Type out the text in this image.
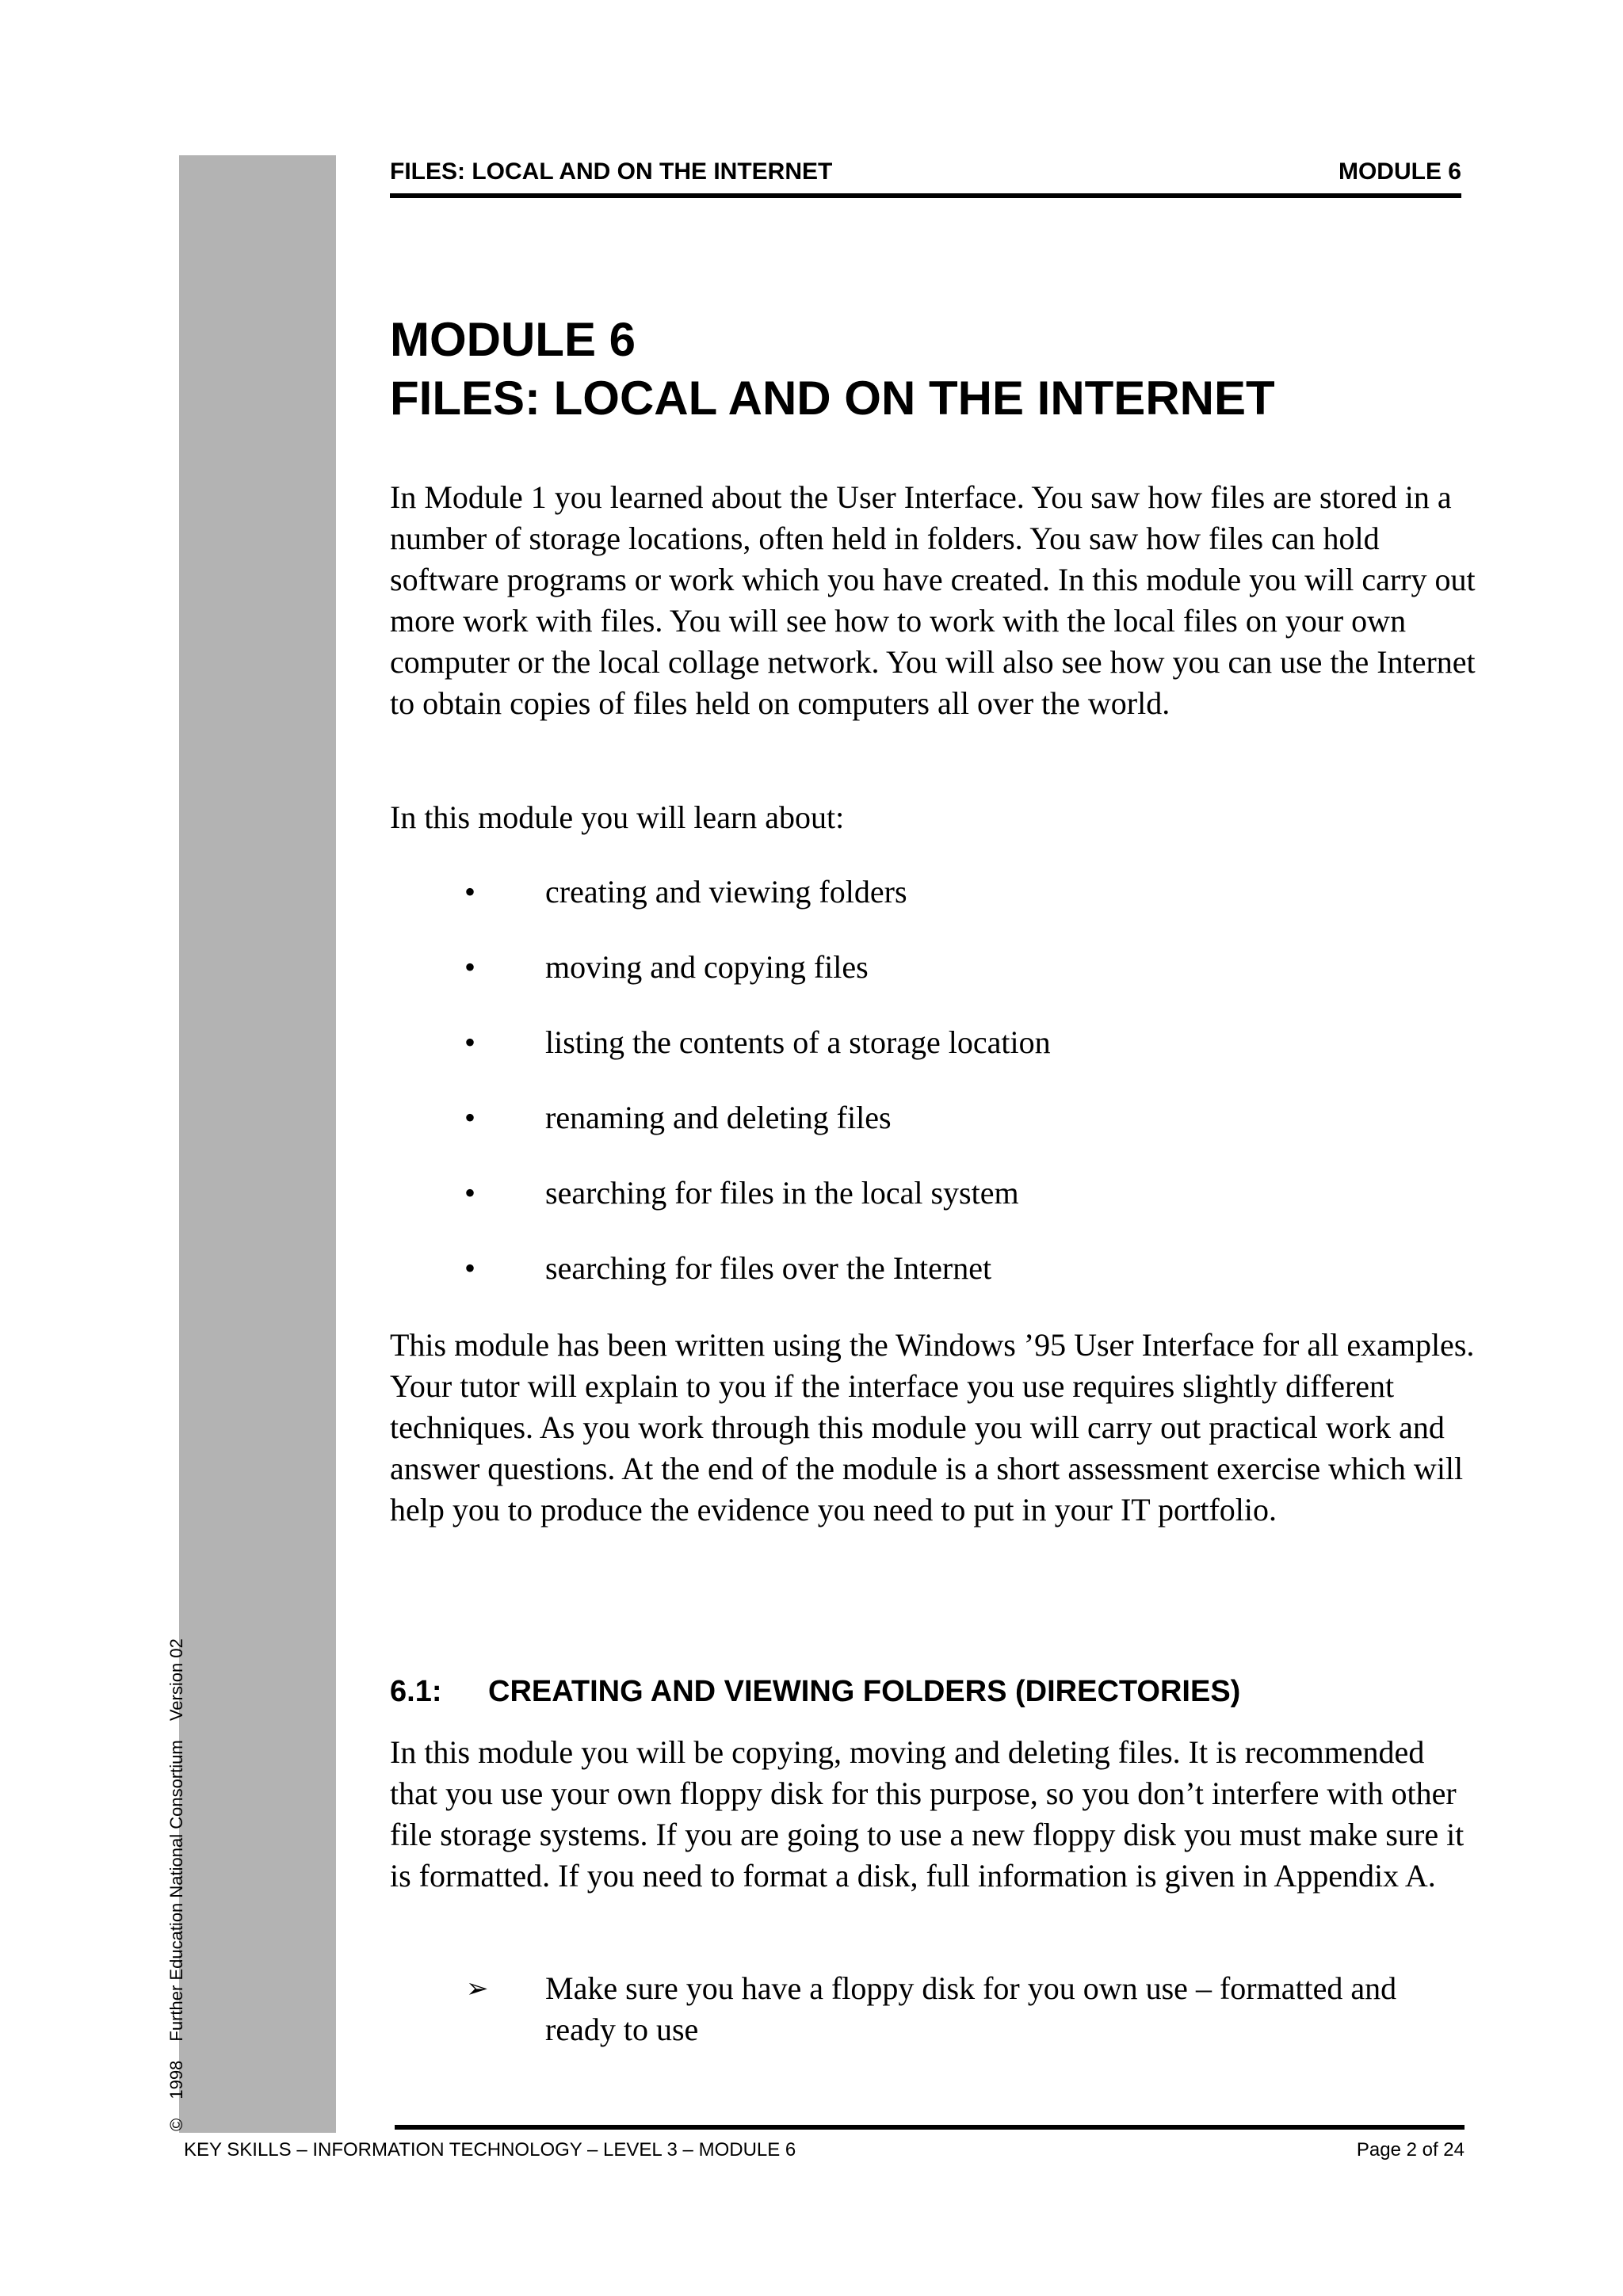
© 1998 Further Education National Consortium Version 02
FILES: LOCAL AND ON THE INTERNET	MODULE 6
MODULE 6
FILES: LOCAL AND ON THE INTERNET
In Module 1 you learned about the User Interface. You saw how files are stored in a number of storage locations, often held in folders. You saw how files can hold software programs or work which you have created. In this module you will carry out more work with files. You will see how to work with the local files on your own computer or the local collage network. You will also see how you can use the Internet to obtain copies of files held on computers all over the world.
In this module you will learn about:
• creating and viewing folders
• moving and copying files
• listing the contents of a storage location
• renaming and deleting files
• searching for files in the local system
• searching for files over the Internet
This module has been written using the Windows ’95 User Interface for all examples. Your tutor will explain to you if the interface you use requires slightly different techniques. As you work through this module you will carry out practical work and answer questions. At the end of the module is a short assessment exercise which will help you to produce the evidence you need to put in your IT portfolio.
6.1: CREATING AND VIEWING FOLDERS (DIRECTORIES)
In this module you will be copying, moving and deleting files. It is recommended that you use your own floppy disk for this purpose, so you don’t interfere with other file storage systems. If you are going to use a new floppy disk you must make sure it is formatted. If you need to format a disk, full information is given in Appendix A.
➢ Make sure you have a floppy disk for you own use – formatted and ready to use
KEY SKILLS – INFORMATION TECHNOLOGY – LEVEL 3 – MODULE 6	Page 2 of 24
